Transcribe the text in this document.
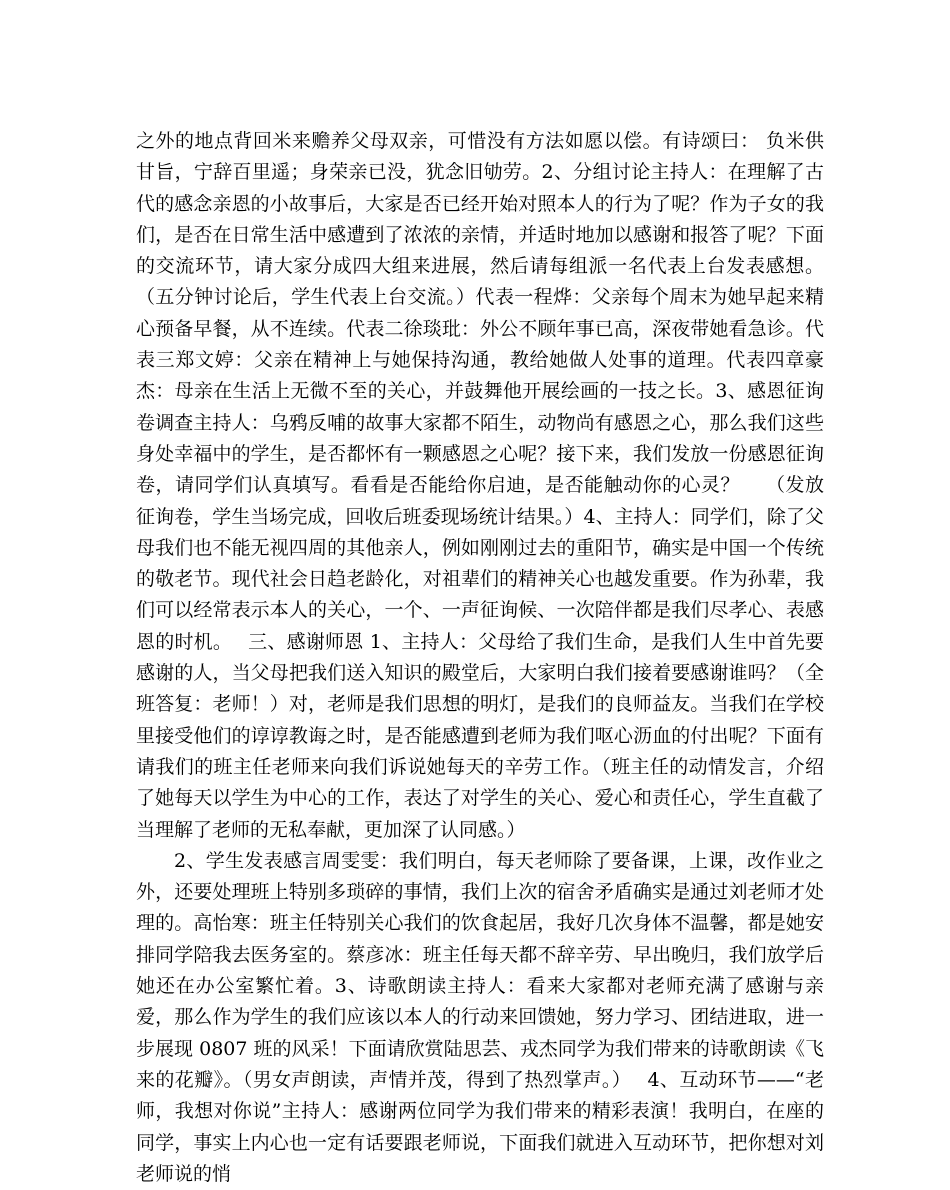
之外的地点背回米来赡养父母双亲，可惜没有方法如愿以偿。有诗颂曰： 负米供甘旨，宁辞百里遥；身荣亲已没，犹念旧劬劳。2、分组讨论主持人：在理解了古代的感念亲恩的小故事后，大家是否已经开始对照本人的行为了呢？作为子女的我们，是否在日常生活中感遭到了浓浓的亲情，并适时地加以感谢和报答了呢？下面的交流环节，请大家分成四大组来进展，然后请每组派一名代表上台发表感想。（五分钟讨论后，学生代表上台交流。）代表一程烨：父亲每个周末为她早起来精心预备早餐，从不连续。代表二徐琰玭：外公不顾年事已高，深夜带她看急诊。代表三郑文婷：父亲在精神上与她保持沟通，教给她做人处事的道理。代表四章豪杰：母亲在生活上无微不至的关心，并鼓舞他开展绘画的一技之长。3、感恩征询卷调查主持人：乌鸦反哺的故事大家都不陌生，动物尚有感恩之心，那么我们这些身处幸福中的学生，是否都怀有一颗感恩之心呢？接下来，我们发放一份感恩征询卷，请同学们认真填写。看看是否能给你启迪，是否能触动你的心灵？　 （发放征询卷，学生当场完成，回收后班委现场统计结果。）4、主持人：同学们，除了父母我们也不能无视四周的其他亲人，例如刚刚过去的重阳节，确实是中国一个传统的敬老节。现代社会日趋老龄化，对祖辈们的精神关心也越发重要。作为孙辈，我们可以经常表示本人的关心，一个、一声征询候、一次陪伴都是我们尽孝心、表感恩的时机。　 三、感谢师恩 1、主持人：父母给了我们生命，是我们人生中首先要感谢的人，当父母把我们送入知识的殿堂后，大家明白我们接着要感谢谁吗？（全班答复：老师！）对，老师是我们思想的明灯，是我们的良师益友。当我们在学校里接受他们的谆谆教诲之时，是否能感遭到老师为我们呕心沥血的付出呢？下面有请我们的班主任老师来向我们诉说她每天的辛劳工作。（班主任的动情发言，介绍了她每天以学生为中心的工作，表达了对学生的关心、爱心和责任心，学生直截了当理解了老师的无私奉献，更加深了认同感。）

2、学生发表感言周雯雯：我们明白，每天老师除了要备课，上课，改作业之外，还要处理班上特别多琐碎的事情，我们上次的宿舍矛盾确实是通过刘老师才处理的。高怡寒：班主任特别关心我们的饮食起居，我好几次身体不温馨，都是她安排同学陪我去医务室的。蔡彦冰：班主任每天都不辞辛劳、早出晚归，我们放学后她还在办公室繁忙着。3、诗歌朗读主持人：看来大家都对老师充满了感谢与亲爱，那么作为学生的我们应该以本人的行动来回馈她，努力学习、团结进取，进一步展现 0807 班的风采！下面请欣赏陆思芸、戎杰同学为我们带来的诗歌朗读《飞来的花瓣》。（男女声朗读，声情并茂，得到了热烈掌声。）　 4、互动环节——“老师，我想对你说”主持人：感谢两位同学为我们带来的精彩表演！我明白，在座的同学，事实上内心也一定有话要跟老师说，下面我们就进入互动环节，把你想对刘老师说的悄
